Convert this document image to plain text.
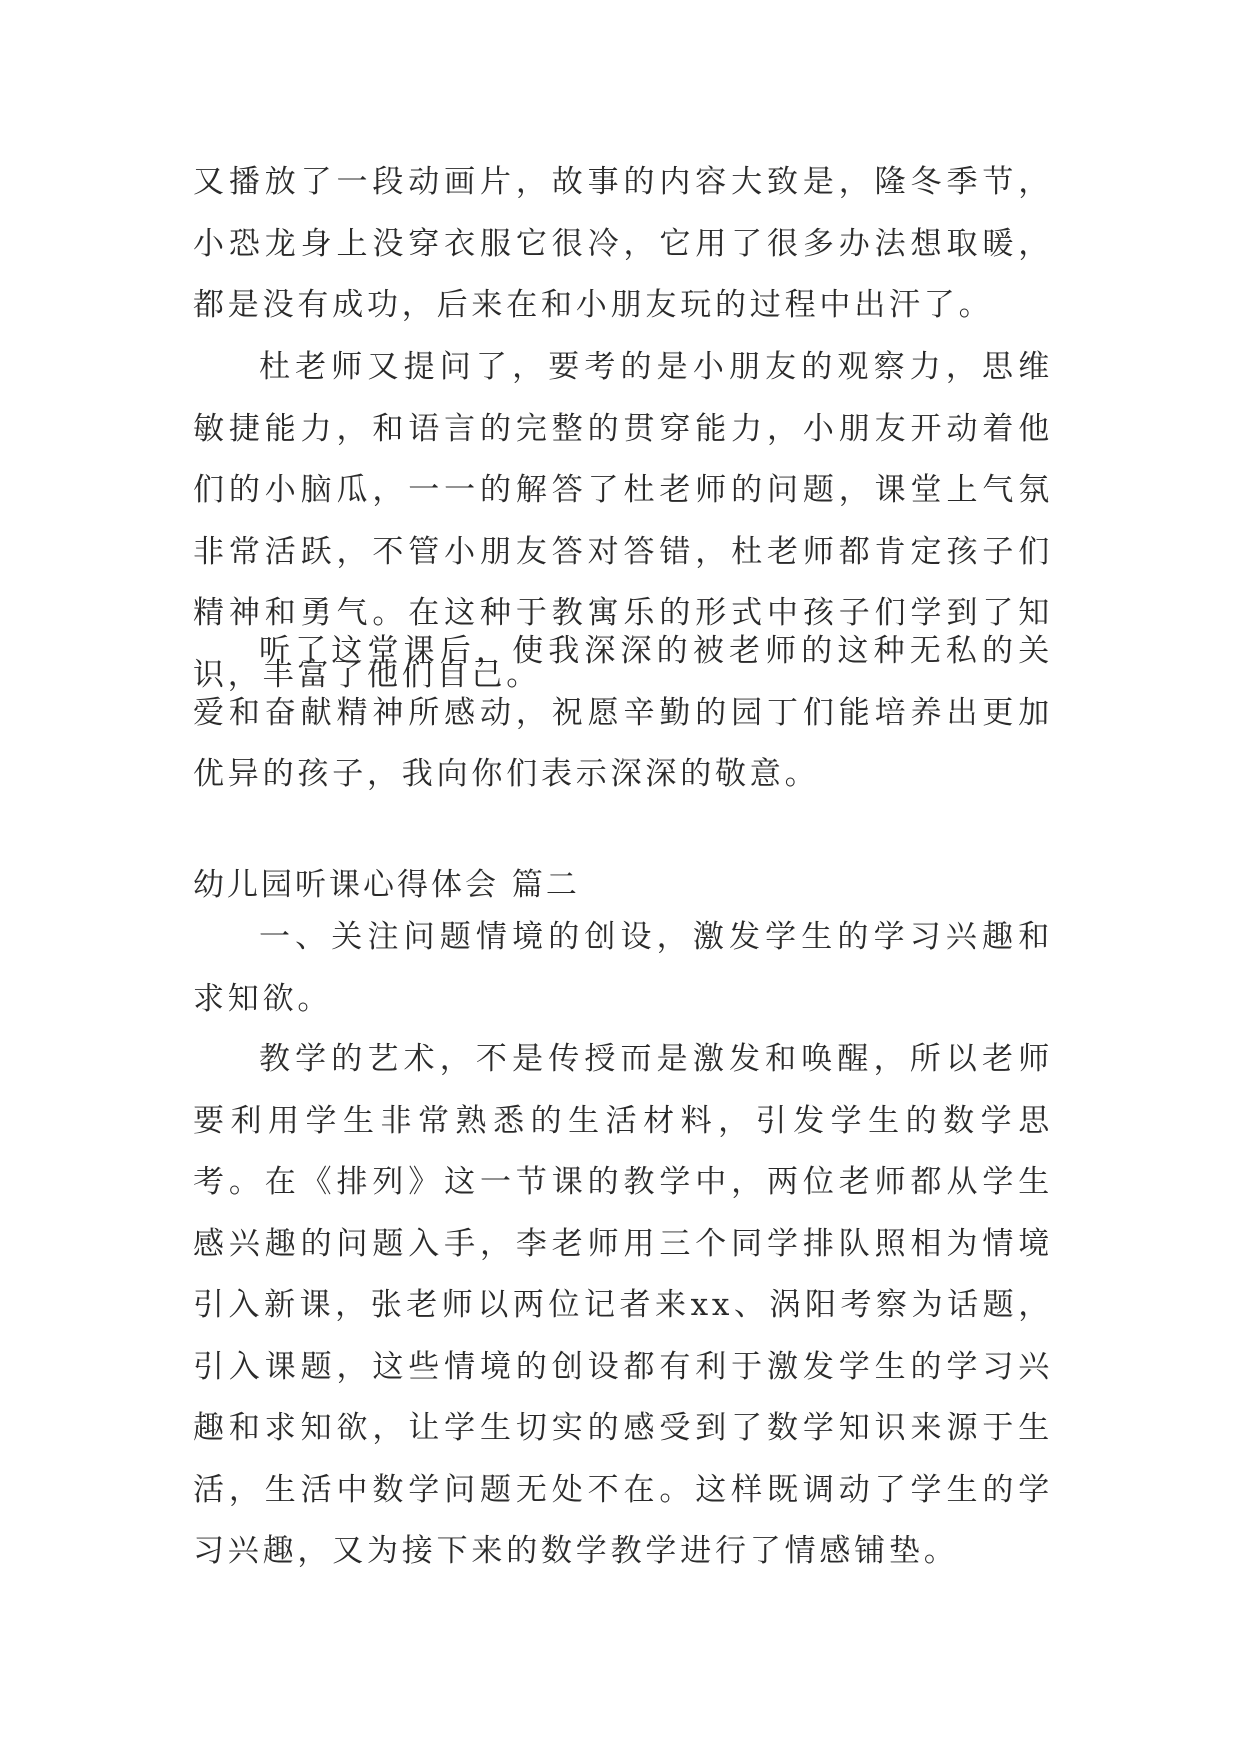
又播放了一段动画片，故事的内容大致是，隆冬季节， 小恐龙身上没穿衣服它很冷，它用了很多办法想取暖，都是没有成功，后来在和小朋友玩的过程中出汗了。

杜老师又提问了，要考的是小朋友的观察力，思维敏捷能力，和语言的完整的贯穿能力，小朋友开动着他们的小脑瓜，一一的解答了杜老师的问题，课堂上气氛非常活跃，不管小朋友答对答错，杜老师都肯定孩子们精神和勇气。在这种于教寓乐的形式中孩子们学到了知识，丰富了他们自己。

听了这堂课后，使我深深的被老师的这种无私的关爱和奋献精神所感动，祝愿辛勤的园丁们能培养出更加优异的孩子，我向你们表示深深的敬意。

幼儿园听课心得体会 篇二

一、关注问题情境的创设，激发学生的学习兴趣和求知欲。

教学的艺术，不是传授而是激发和唤醒，所以老师要利用学生非常熟悉的生活材料，引发学生的数学思考。在《排列》这一节课的教学中，两位老师都从学生感兴趣的问题入手，李老师用三个同学排队照相为情境引入新课，张老师以两位记者来xx、涡阳考察为话题，引入课题，这些情境的创设都有利于激发学生的学习兴趣和求知欲，让学生切实的感受到了数学知识来源于生活，生活中数学问题无处不在。这样既调动了学生的学习兴趣，又为接下来的数学教学进行了情感铺垫。
